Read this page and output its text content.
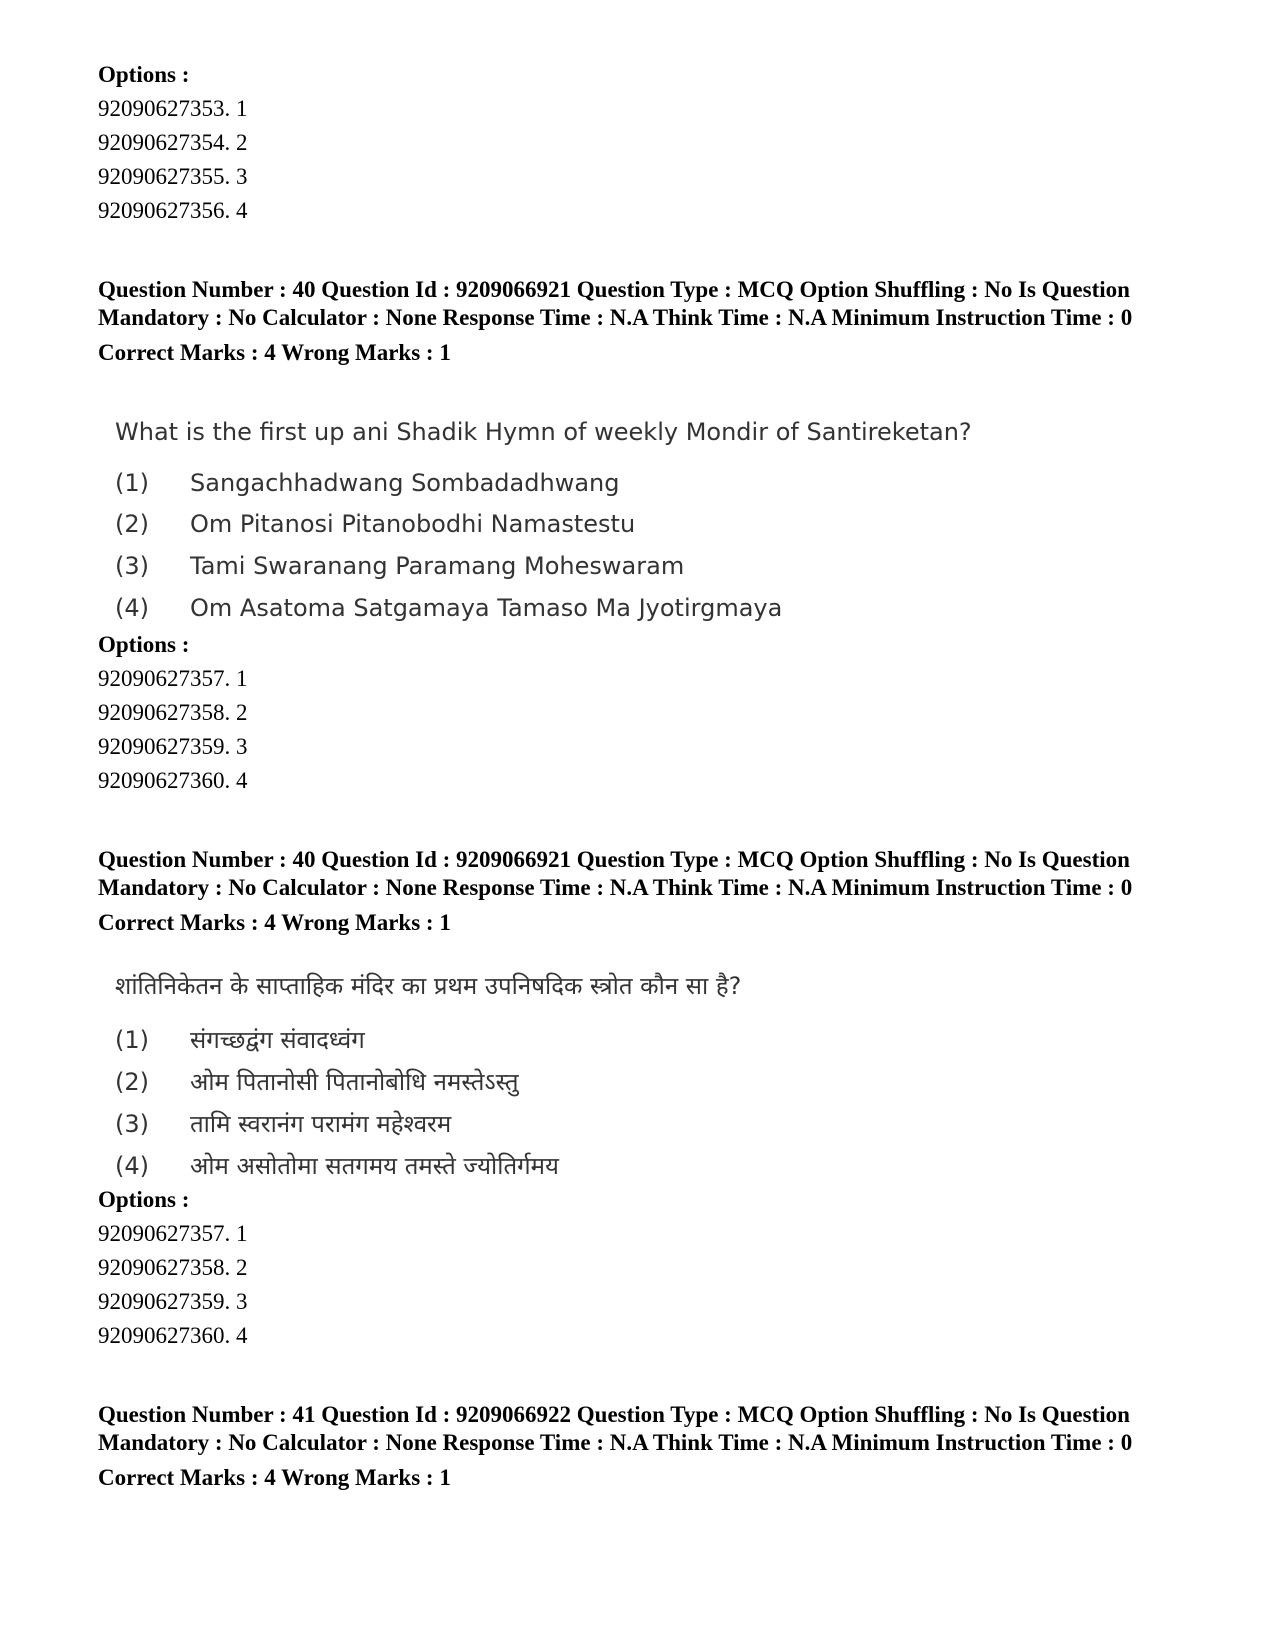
Options :

92090627353. 1

92090627354. 2

92090627355. 3

92090627356. 4

Question Number : 40 Question Id : 9209066921 Question Type : MCQ Option Shuffling : No Is Question Mandatory : No Calculator : None Response Time : N.A Think Time : N.A Minimum Instruction Time : 0

Correct Marks : 4 Wrong Marks : 1

What is the first up ani Shadik Hymn of weekly Mondir of Santireketan?

(1)	Sangachhadwang Sombadadhwang
(2)	Om Pitanosi Pitanobodhi Namastestu
(3)	Tami Swaranang Paramang Moheswaram
(4)	Om Asatoma Satgamaya Tamaso Ma Jyotirgmaya

Options :

92090627357. 1

92090627358. 2

92090627359. 3

92090627360. 4

Question Number : 40 Question Id : 9209066921 Question Type : MCQ Option Shuffling : No Is Question Mandatory : No Calculator : None Response Time : N.A Think Time : N.A Minimum Instruction Time : 0

Correct Marks : 4 Wrong Marks : 1

शांतिनिकेतन के साप्ताहिक मंदिर का प्रथम उपनिषदिक स्त्रोत कौन सा है?

(1)	संगच्छद्वंग संवादध्वंग
(2)	ओम पितानोसी पितानोबोधि नमस्तेऽस्तु
(3)	तामि स्वरानंग परामंग महेश्वरम
(4)	ओम असोतोमा सतगमय तमस्ते ज्योतिर्गमय

Options :

92090627357. 1

92090627358. 2

92090627359. 3

92090627360. 4

Question Number : 41 Question Id : 9209066922 Question Type : MCQ Option Shuffling : No Is Question Mandatory : No Calculator : None Response Time : N.A Think Time : N.A Minimum Instruction Time : 0

Correct Marks : 4 Wrong Marks : 1
